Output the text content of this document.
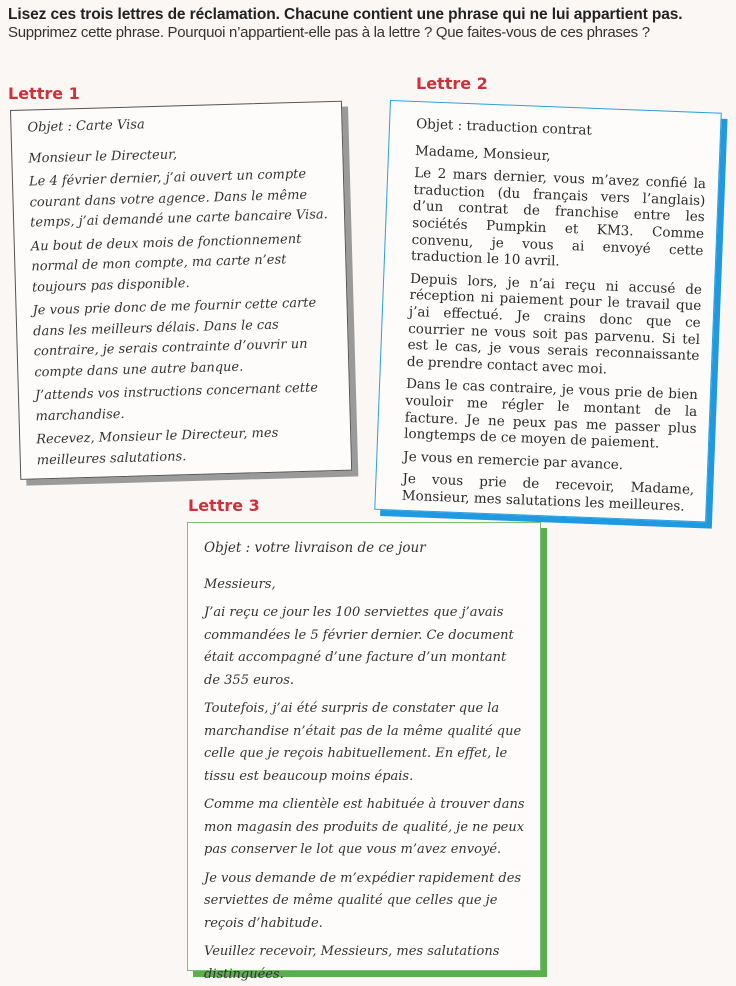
Lisez ces trois lettres de réclamation. Chacune contient une phrase qui ne lui appartient pas.
Supprimez cette phrase. Pourquoi n’appartient-elle pas à la lettre ? Que faites-vous de ces phrases ?
Lettre 1
Objet : Carte Visa

Monsieur le Directeur,

Le 4 février dernier, j’ai ouvert un compte courant dans votre agence. Dans le même temps, j’ai demandé une carte bancaire Visa.

Au bout de deux mois de fonctionnement normal de mon compte, ma carte n’est toujours pas disponible.

Je vous prie donc de me fournir cette carte dans les meilleurs délais. Dans le cas contraire, je serais contrainte d’ouvrir un compte dans une autre banque.

J’attends vos instructions concernant cette marchandise.

Recevez, Monsieur le Directeur, mes meilleures salutations.

Lettre 2
Objet : traduction contrat

Madame, Monsieur,

Le 2 mars dernier, vous m’avez confié la traduction (du français vers l’anglais) d’un contrat de franchise entre les sociétés Pumpkin et KM3. Comme convenu, je vous ai envoyé cette traduction le 10 avril.

Depuis lors, je n’ai reçu ni accusé de réception ni paiement pour le travail que j’ai effectué. Je crains donc que ce courrier ne vous soit pas parvenu. Si tel est le cas, je vous serais reconnaissante de prendre contact avec moi.

Dans le cas contraire, je vous prie de bien vouloir me régler le montant de la facture. Je ne peux pas me passer plus longtemps de ce moyen de paiement.

Je vous en remercie par avance.

Je vous prie de recevoir, Madame, Monsieur, mes salutations les meilleures.

Lettre 3
Objet : votre livraison de ce jour

Messieurs,

J’ai reçu ce jour les 100 serviettes que j’avais commandées le 5 février dernier. Ce document était accompagné d’une facture d’un montant de 355 euros.

Toutefois, j’ai été surpris de constater que la marchandise n’était pas de la même qualité que celle que je reçois habituellement. En effet, le tissu est beaucoup moins épais.

Comme ma clientèle est habituée à trouver dans mon magasin des produits de qualité, je ne peux pas conserver le lot que vous m’avez envoyé.

Je vous demande de m’expédier rapidement des serviettes de même qualité que celles que je reçois d’habitude.

Veuillez recevoir, Messieurs, mes salutations distinguées.
